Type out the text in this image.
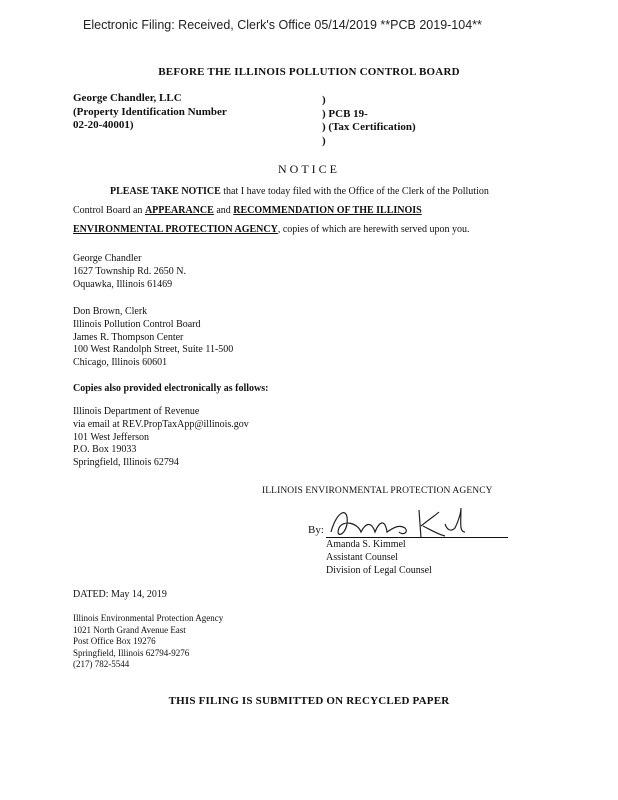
Electronic Filing: Received, Clerk's Office 05/14/2019 **PCB 2019-104**
BEFORE THE ILLINOIS POLLUTION CONTROL BOARD
George Chandler, LLC
(Property Identification Number
02-20-40001)
)
) PCB 19-
) (Tax Certification)
)
NOTICE
PLEASE TAKE NOTICE that I have today filed with the Office of the Clerk of the Pollution
Control Board an APPEARANCE and RECOMMENDATION OF THE ILLINOIS
ENVIRONMENTAL PROTECTION AGENCY, copies of which are herewith served upon you.
George Chandler
1627 Township Rd. 2650 N.
Oquawka, Illinois 61469
Don Brown, Clerk
Illinois Pollution Control Board
James R. Thompson Center
100 West Randolph Street, Suite 11-500
Chicago, Illinois 60601
Copies also provided electronically as follows:
Illinois Department of Revenue
via email at REV.PropTaxApp@illinois.gov
101 West Jefferson
P.O. Box 19033
Springfield, Illinois 62794
ILLINOIS ENVIRONMENTAL PROTECTION AGENCY
By:
Amanda S. Kimmel
Assistant Counsel
Division of Legal Counsel
DATED: May 14, 2019
Illinois Environmental Protection Agency
1021 North Grand Avenue East
Post Office Box 19276
Springfield, Illinois 62794-9276
(217) 782-5544
THIS FILING IS SUBMITTED ON RECYCLED PAPER
